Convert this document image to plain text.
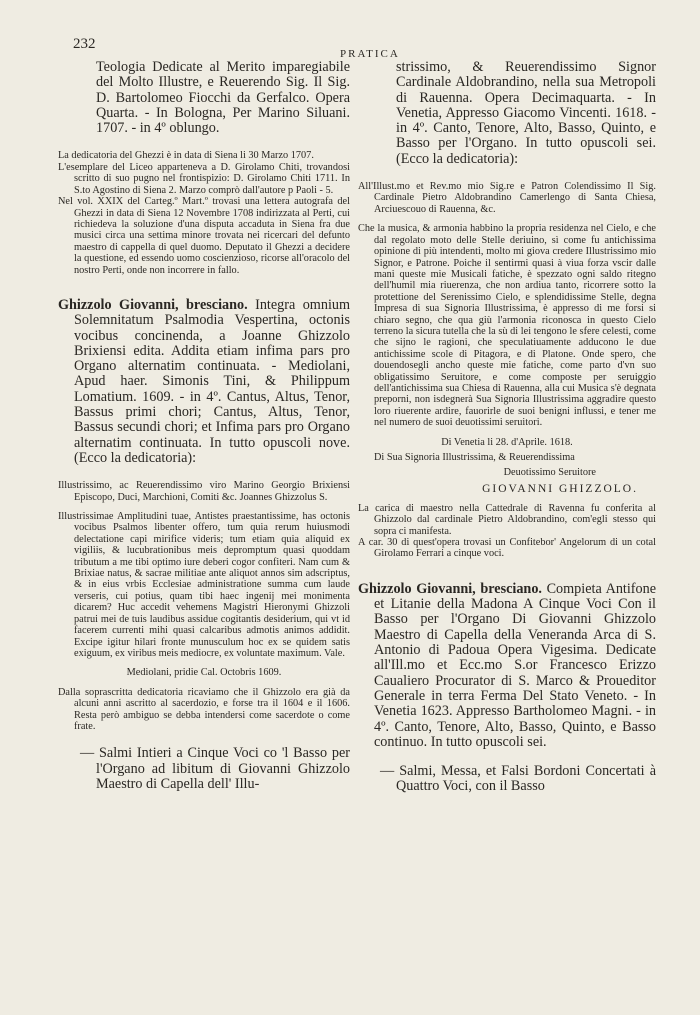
232
PRATICA

Teologia Dedicate al Merito imparegiabile del Molto Illustre, e Reuerendo Sig. Il Sig. D. Bartolomeo Fiocchi da Gerfalco. Opera Quarta. - In Bologna, Per Marino Siluani. 1707. - in 4º oblungo.

La dedicatoria del Ghezzi è in data di Siena li 30 Marzo 1707.

L'esemplare del Liceo apparteneva a D. Girolamo Chiti, trovandosi scritto di suo pugno nel frontispizio: D. Girolamo Chiti 1711. In S.to Agostino di Siena 2. Marzo comprò dall'autore p Paoli - 5.

Nel vol. XXIX del Carteg.º Mart.º trovasi una lettera autografa del Ghezzi in data di Siena 12 Novembre 1708 indirizzata al Perti, cui richiedeva la soluzione d'una disputa accaduta in Siena fra due musici circa una settima minore trovata nei ricercari del defunto maestro di cappella di quel duomo. Deputato il Ghezzi a decidere la questione, ed essendo uomo coscienzioso, ricorse all'oracolo del nostro Perti, onde non incorrere in fallo.

Ghizzolo Giovanni, bresciano. Integra omnium Solemnitatum Psalmodia Vespertina, octonis vocibus concinenda, a Joanne Ghizzolo Brixiensi edita. Addita etiam infima pars pro Organo alternatim continuata. - Mediolani, Apud haer. Simonis Tini, & Philippum Lomatium. 1609. - in 4º. Cantus, Altus, Tenor, Bassus primi chori; Cantus, Altus, Tenor, Bassus secundi chori; et Infima pars pro Organo alternatim continuata. In tutto opuscoli nove. (Ecco la dedicatoria):

Illustrissimo, ac Reuerendissimo viro Marino Georgio Brixiensi Episcopo, Duci, Marchioni, Comiti &c. Joannes Ghizzolus S.

Illustrissimae Amplitudini tuae, Antistes praestantissime, has octonis vocibus Psalmos libenter offero, tum quia rerum huiusmodi delectatione capi mirifice videris; tum etiam quia aliquid ex vigiliis, & lucubrationibus meis depromptum quasi quoddam tributum a me tibi optimo iure deberi cogor confiteri. Nam cum & Brixiae natus, & sacrae militiae ante aliquot annos sim adscriptus, & in eius vrbis Ecclesiae administratione summa cum laude verseris, cui potius, quam tibi haec ingenij mei monimenta dicarem? Huc accedit vehemens Magistri Hieronymi Ghizzoli patrui mei de tuis laudibus assidue cogitantis desiderium, qui vt id facerem currenti mihi quasi calcaribus admotis animos addidit. Excipe igitur hilari fronte munusculum hoc ex se quidem satis exiguum, ex viribus meis mediocre, ex voluntate maximum. Vale.

Mediolani, pridie Cal. Octobris 1609.

Dalla soprascritta dedicatoria ricaviamo che il Ghizzolo era già da alcuni anni ascritto al sacerdozio, e forse tra il 1604 e il 1606. Resta però ambiguo se debba intendersi come sacerdote o come frate.

— Salmi Intieri a Cinque Voci co 'l Basso per l'Organo ad libitum di Giovanni Ghizzolo Maestro di Capella dell' Illu-

strissimo, & Reuerendissimo Signor Cardinale Aldobrandino, nella sua Metropoli di Rauenna. Opera Decimaquarta. - In Venetia, Appresso Giacomo Vincenti. 1618. - in 4º. Canto, Tenore, Alto, Basso, Quinto, e Basso per l'Organo. In tutto opuscoli sei. (Ecco la dedicatoria):

All'Illust.mo et Rev.mo mio Sig.re e Patron Colendissimo Il Sig. Cardinale Pietro Aldobrandino Camerlengo di Santa Chiesa, Arciuescouo di Rauenna, &c.

Che la musica, & armonia habbino la propria residenza nel Cielo, e che dal regolato moto delle Stelle deriuino, sì come fu antichissima opinione di più intendenti, molto mi giova credere Illustrissimo mio Signor, e Patrone. Poiche il sentirmi quasi à viua forza vscir dalle mani queste mie Musicali fatiche, è spezzato ogni saldo ritegno dell'humil mia riuerenza, che non ardiua tanto, ricorrere sotto la protettione del Serenissimo Cielo, e splendidissime Stelle, degna Impresa di sua Signoria Illustrissima, è appresso di me forsi si chiaro segno, che qua giù l'armonia riconosca in questo Cielo terreno la sicura tutella che la sù di lei tengono le sfere celesti, come che sijno le ragioni, che speculatiuamente adducono le due antichissime scole di Pitagora, e di Platone. Onde spero, che douendosegli ancho queste mie fatiche, come parto d'vn suo obligatissimo Seruitore, e come composte per seruiggio dell'antichissima sua Chiesa di Rauenna, alla cui Musica s'è degnata preporni, non isdegnerà Sua Signoria Illustrissima aggradire questo loro riuerente ardire, fauorirle de suoi benigni influssi, e tener me nel numero de suoi deuotissimi seruitori.

Di Venetia li 28. d'Aprile. 1618.

Di Sua Signoria Illustrissima, & Reuerendissima

Deuotissimo Seruitore

GIOVANNI GHIZZOLO.

La carica di maestro nella Cattedrale di Ravenna fu conferita al Ghizzolo dal cardinale Pietro Aldobrandino, com'egli stesso qui sopra ci manifesta.

A car. 30 di quest'opera trovasi un Confitebor' Angelorum di un cotal Girolamo Ferrari a cinque voci.

Ghizzolo Giovanni, bresciano. Compieta Antifone et Litanie della Madona A Cinque Voci Con il Basso per l'Organo Di Giovanni Ghizzolo Maestro di Capella della Veneranda Arca di S. Antonio di Padoua Opera Vigesima. Dedicate all'Ill.mo et Ecc.mo S.or Francesco Erizzo Caualiero Procurator di S. Marco & Proueditor Generale in terra Ferma Del Stato Veneto. - In Venetia 1623. Appresso Bartholomeo Magni. - in 4º. Canto, Tenore, Alto, Basso, Quinto, e Basso continuo. In tutto opuscoli sei.

— Salmi, Messa, et Falsi Bordoni Concertati à Quattro Voci, con il Basso
